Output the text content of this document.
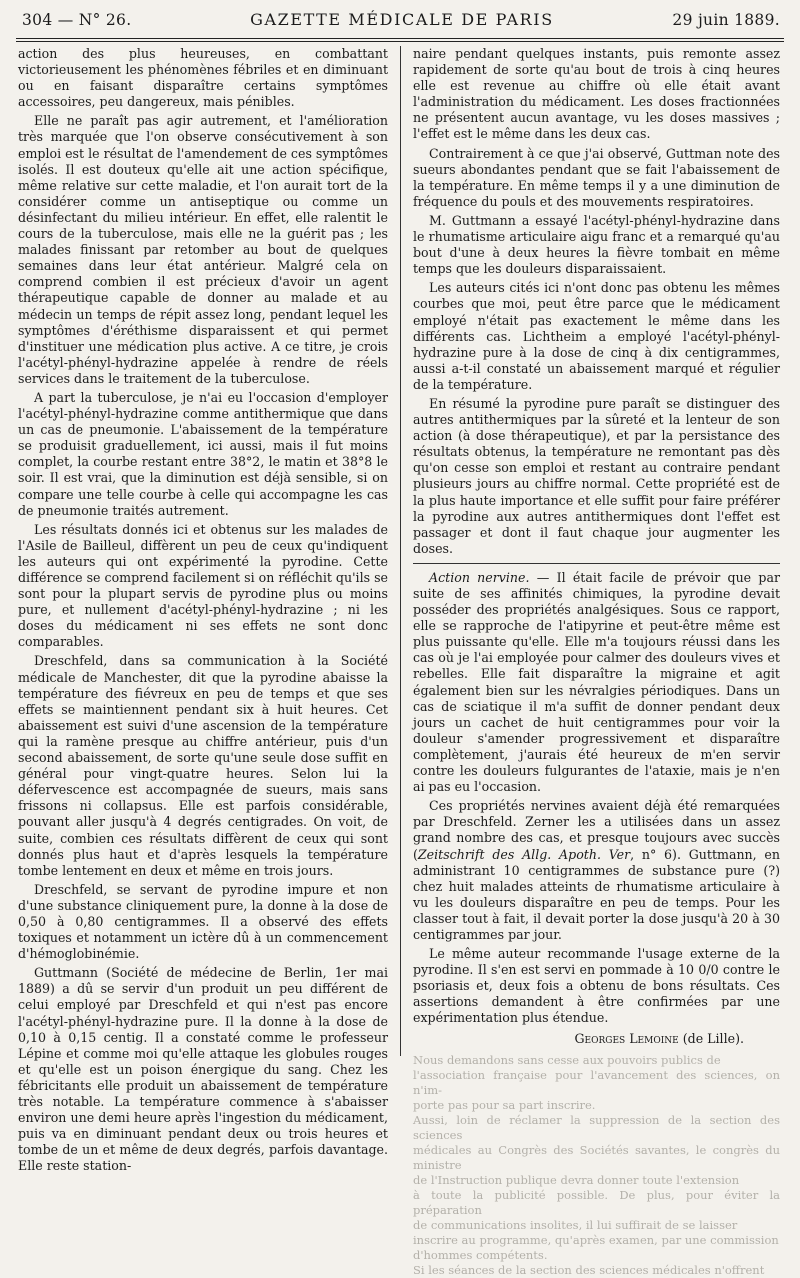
304 — N° 26.	GAZETTE MÉDICALE DE PARIS	29 juin 1889.

action des plus heureuses, en combattant victorieusement les phénomènes fébriles et en diminuant ou en faisant disparaître certains symptômes accessoires, peu dangereux, mais pénibles.

Elle ne paraît pas agir autrement, et l'amélioration très marquée que l'on observe consécutivement à son emploi est le résultat de l'amendement de ces symptômes isolés. Il est douteux qu'elle ait une action spécifique, même relative sur cette maladie, et l'on aurait tort de la considérer comme un antiseptique ou comme un désinfectant du milieu intérieur. En effet, elle ralentit le cours de la tuberculose, mais elle ne la guérit pas ; les malades finissant par retomber au bout de quelques semaines dans leur état antérieur. Malgré cela on comprend combien il est précieux d'avoir un agent thérapeutique capable de donner au malade et au médecin un temps de répit assez long, pendant lequel les symptômes d'éréthisme disparaissent et qui permet d'instituer une médication plus active. A ce titre, je crois l'acétyl-phényl-hydrazine appelée à rendre de réels services dans le traitement de la tuberculose.

A part la tuberculose, je n'ai eu l'occasion d'employer l'acétyl-phényl-hydrazine comme antithermique que dans un cas de pneumonie. L'abaissement de la température se produisit graduellement, ici aussi, mais il fut moins complet, la courbe restant entre 38°2, le matin et 38°8 le soir. Il est vrai, que la diminution est déjà sensible, si on compare une telle courbe à celle qui accompagne les cas de pneumonie traités autrement.

Les résultats donnés ici et obtenus sur les malades de l'Asile de Bailleul, diffèrent un peu de ceux qu'indiquent les auteurs qui ont expérimenté la pyrodine. Cette différence se comprend facilement si on réfléchit qu'ils se sont pour la plupart servis de pyrodine plus ou moins pure, et nullement d'acétyl-phényl-hydrazine ; ni les doses du médicament ni ses effets ne sont donc comparables.

Dreschfeld, dans sa communication à la Société médicale de Manchester, dit que la pyrodine abaisse la température des fiévreux en peu de temps et que ses effets se maintiennent pendant six à huit heures. Cet abaissement est suivi d'une ascension de la température qui la ramène presque au chiffre antérieur, puis d'un second abaissement, de sorte qu'une seule dose suffit en général pour vingt-quatre heures. Selon lui la défervescence est accompagnée de sueurs, mais sans frissons ni collapsus. Elle est parfois considérable, pouvant aller jusqu'à 4 degrés centigrades. On voit, de suite, combien ces résultats diffèrent de ceux qui sont donnés plus haut et d'après lesquels la température tombe lentement en deux et même en trois jours.

Dreschfeld, se servant de pyrodine impure et non d'une substance cliniquement pure, la donne à la dose de 0,50 à 0,80 centigrammes. Il a observé des effets toxiques et notamment un ictère dû à un commencement d'hémoglobinémie.

Guttmann (Société de médecine de Berlin, 1er mai 1889) a dû se servir d'un produit un peu différent de celui employé par Dreschfeld et qui n'est pas encore l'acétyl-phényl-hydrazine pure. Il la donne à la dose de 0,10 à 0,15 centig. Il a constaté comme le professeur Lépine et comme moi qu'elle attaque les globules rouges et qu'elle est un poison énergique du sang. Chez les fébricitants elle produit un abaissement de température très notable. La température commence à s'abaisser environ une demi heure après l'ingestion du médicament, puis va en diminuant pendant deux ou trois heures et tombe de un et même de deux degrés, parfois davantage. Elle reste station-

naire pendant quelques instants, puis remonte assez rapidement de sorte qu'au bout de trois à cinq heures elle est revenue au chiffre où elle était avant l'administration du médicament. Les doses fractionnées ne présentent aucun avantage, vu les doses massives ; l'effet est le même dans les deux cas.

Contrairement à ce que j'ai observé, Guttman note des sueurs abondantes pendant que se fait l'abaissement de la température. En même temps il y a une diminution de fréquence du pouls et des mouvements respiratoires.

M. Guttmann a essayé l'acétyl-phényl-hydrazine dans le rhumatisme articulaire aigu franc et a remarqué qu'au bout d'une à deux heures la fièvre tombait en même temps que les douleurs disparaissaient.

Les auteurs cités ici n'ont donc pas obtenu les mêmes courbes que moi, peut être parce que le médicament employé n'était pas exactement le même dans les différents cas. Lichtheim a employé l'acétyl-phényl-hydrazine pure à la dose de cinq à dix centigrammes, aussi a-t-il constaté un abaissement marqué et régulier de la température.

En résumé la pyrodine pure paraît se distinguer des autres antithermiques par la sûreté et la lenteur de son action (à dose thérapeutique), et par la persistance des résultats obtenus, la température ne remontant pas dès qu'on cesse son emploi et restant au contraire pendant plusieurs jours au chiffre normal. Cette propriété est de la plus haute importance et elle suffit pour faire préférer la pyrodine aux autres antithermiques dont l'effet est passager et dont il faut chaque jour augmenter les doses.

Action nervine. — Il était facile de prévoir que par suite de ses affinités chimiques, la pyrodine devait posséder des propriétés analgésiques. Sous ce rapport, elle se rapproche de l'atipyrine et peut-être même est plus puissante qu'elle. Elle m'a toujours réussi dans les cas où je l'ai employée pour calmer des douleurs vives et rebelles. Elle fait disparaître la migraine et agit également bien sur les névralgies périodiques. Dans un cas de sciatique il m'a suffit de donner pendant deux jours un cachet de huit centigrammes pour voir la douleur s'amender progressivement et disparaître complètement, j'aurais été heureux de m'en servir contre les douleurs fulgurantes de l'ataxie, mais je n'en ai pas eu l'occasion.

Ces propriétés nervines avaient déjà été remarquées par Dreschfeld. Zerner les a utilisées dans un assez grand nombre des cas, et presque toujours avec succès (Zeitschrift des Allg. Apoth. Ver, n° 6). Guttmann, en administrant 10 centigrammes de substance pure (?) chez huit malades atteints de rhumatisme articulaire à vu les douleurs disparaître en peu de temps. Pour les classer tout à fait, il devait porter la dose jusqu'à 20 à 30 centigrammes par jour.

Le même auteur recommande l'usage externe de la pyrodine. Il s'en est servi en pommade à 10 0/0 contre le psoriasis et, deux fois a obtenu de bons résultats. Ces assertions demandent à être confirmées par une expérimentation plus étendue.

Georges Lemoine (de Lille).
Nous demandons sans cesse aux pouvoirs publics de
l'association française pour l'avancement des sciences, on n'im-
porte pas pour sa part inscrire.
Aussi, loin de réclamer la suppression de la section des sciences
médicales au Congrès des Sociétés savantes, le congrès du ministre
de l'Instruction publique devra donner toute l'extension
à toute la publicité possible. De plus, pour éviter la préparation
de communications insolites, il lui suffirait de se laisser
inscrire au programme, qu'après examen, par une commission
d'hommes compétents.
Si les séances de la section des sciences médicales n'offrent
